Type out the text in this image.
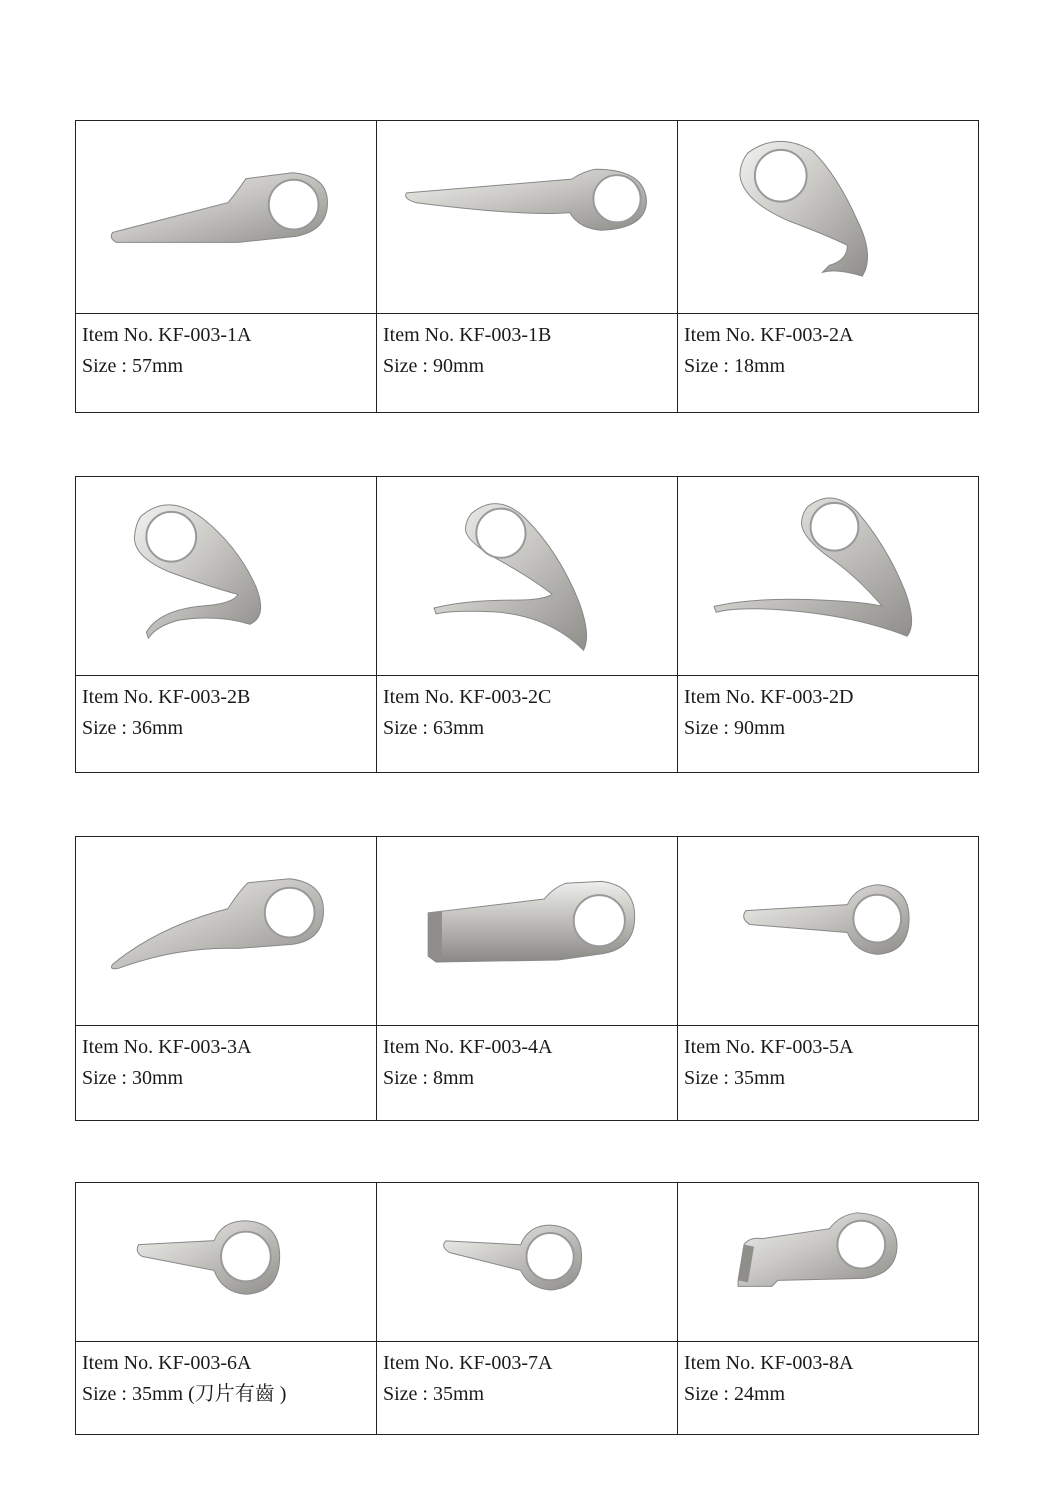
Item No. KF-003-1A
Size : 57mm
Item No. KF-003-1B
Size : 90mm
Item No. KF-003-2A
Size : 18mm
Item No. KF-003-2B
Size : 36mm
Item No. KF-003-2C
Size : 63mm
Item No. KF-003-2D
Size : 90mm
Item No. KF-003-3A
Size : 30mm
Item No. KF-003-4A
Size : 8mm
Item No. KF-003-5A
Size : 35mm
Item No. KF-003-6A
Size : 35mm (刀片有齒 )
Item No. KF-003-7A
Size : 35mm
Item No. KF-003-8A
Size : 24mm
